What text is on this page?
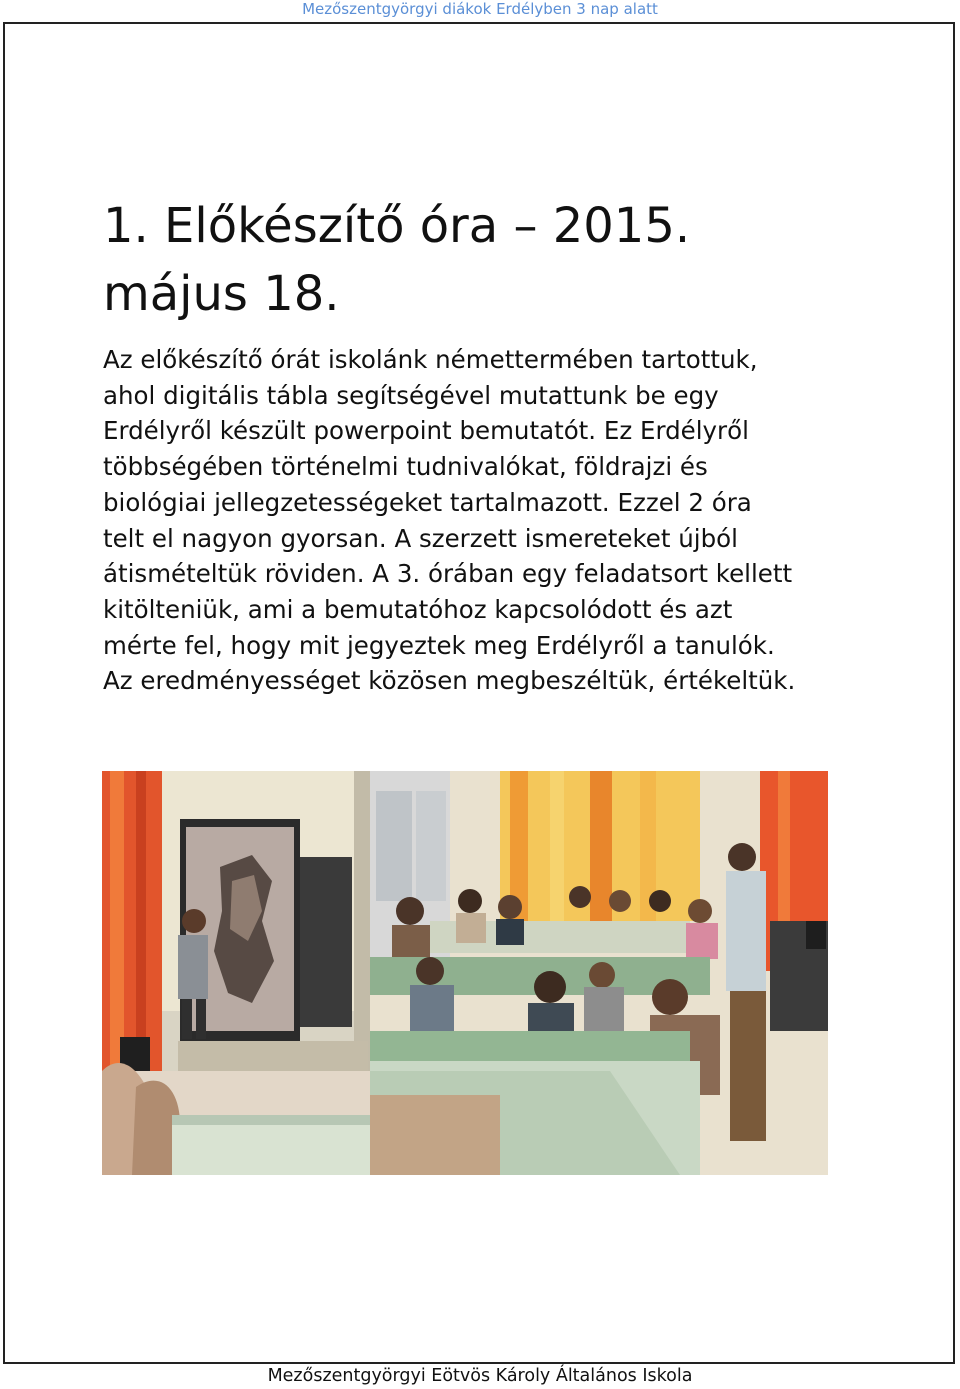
Mezőszentgyörgyi diákok Erdélyben 3 nap alatt
1. Előkészítő óra – 2015.
május 18.

Az előkészítő órát iskolánk némettermében tartottuk,
ahol digitális tábla segítségével mutattunk be egy
Erdélyről készült powerpoint bemutatót. Ez Erdélyről
többségében történelmi tudnivalókat, földrajzi és
biológiai jellegzetességeket tartalmazott. Ezzel 2 óra
telt el nagyon gyorsan. A szerzett ismereteket újból
átismételtük röviden. A 3. órában egy feladatsort kellett
kitölteniük, ami a bemutatóhoz kapcsolódott és azt
mérte fel, hogy mit jegyeztek meg Erdélyről a tanulók.
Az eredményességet közösen megbeszéltük, értékeltük.

Mezőszentgyörgyi Eötvös Károly Általános Iskola
